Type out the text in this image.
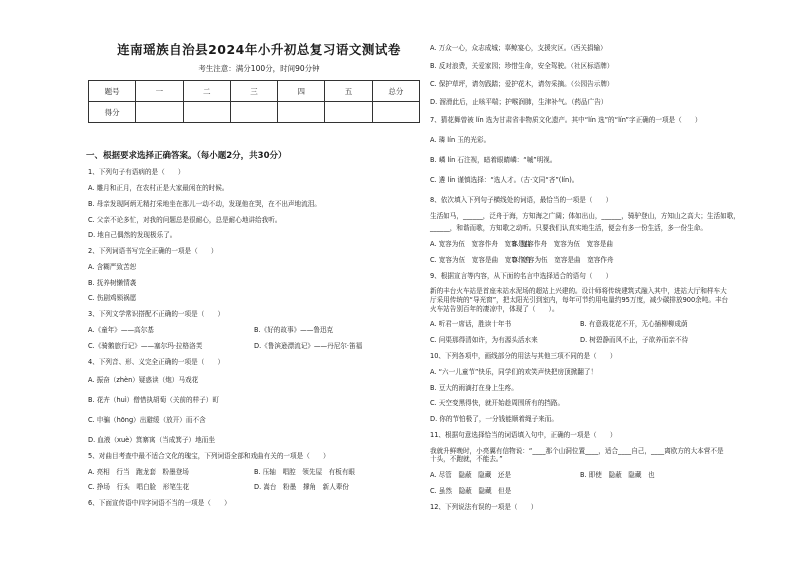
连南瑶族自治县2024年小升初总复习语文测试卷
考生注意：满分100分，时间90分钟
题号	一	二	三	四	五	总分
得分						
一、根据要求选择正确答案。（每小题2分，共30分）
1、下列句子有语病的是（　　）
A. 雕月和正月，在农村正是大家最闲在的时候。
B. 母亲发现阿炳无精打采地坐在那儿一动不动，发现他在哭，在不出声地流泪。
C. 父亲不论多忙，对我的问题总是很耐心，总是耐心地讲给我听。
D. 地自己偶然的发现极乐了。
2、下列词语书写完全正确的一项是（　　）
A. 含糊严致苦恕
B. 抚养树懒情袭
C. 伤剧鸡锁祸愿
3、下列文学常识搭配不正确的一项是（　　）
A.《童年》——高尔基	B.《好的故事》——鲁迅克
C.《骑鹅旅行记》——塞尔玛·拉格洛芙	D.《鲁滨逊漂流记》——丹尼尔·笛福
4、下列音、形、义完全正确的一项是（　　）
A. 振奋（zhèn）疑惑读（炮）马戏花
B. 花卉（huì）僧惜执胡萄（关前的样子）町
C. 申骗（hōng）出避缓（放开）而不含
D. 血液（xuè）箕寨寓（当成箕子）地而坐
5、对曲目考查中最不适合文化的瑰宝，下列词语全部和戏曲有关的一项是（　　）
A. 亮相　行当　跑龙套　粉墨登场	B. 压轴　唱腔　领先屋　有板有眼
C. 挣场　行头　唱白脸　形笔生花	D. 嵩台　粉墨　撑角　新人辈份
6、下面宣传语中四字词语不当的一项是（　　）
A. 万众一心，众志成城；辜鲸宴心，支援灾区。（西关捐输）
B. 反对浪费，关爱家园；珍惜生命，安全驾驶。（社区标语牌）
C. 保护草坪，请勿践踏；爱护花木，请勿采摘。（公园告示牌）
D. 溜滑此后，止咳平喘；护喉润肺，生津补气。（药品广告）
7、猜花舞曾被 lín 选为甘肃省非物质文化遗产。其中“lín 选”的“lín”字正确的一项是（　　）
A. 璘 lín 玉的光彩。
B. 嶙 lín 石注视，暗着眼睛嶙：“嘁”明视。
C. 遴 lín 谨慎选择：“选人才。（古·文同“吝”(lín)。
8、依次填入下列句子横线处的词语，最恰当的一项是（　　）
生活如马，______，泛舟于海，方知海之广阔；体如出山，______，骑驴登山，方知山之高大；生活如歌，
______，和谐而歌，方知歌之动听。只要我们认真实地生活，便会有多一份生活，多一份生命。
A. 宽容为伍　宽容作舟　宽容是曲
B. 宽容作舟　宽容为伍　宽容是曲
C. 宽容为伍　宽容是曲　宽容作舟
D. 宽容为伍　宽容是曲　宽容作舟
9、根据宣言等内容，从下面的名言中选择适合的语句（　　）
新的丰台火车站是首座未站水泥场的超站上兴建的。设计师将传统建筑式融入其中，进站大厅和样车大厅采用传统的“导光窗”，把太阳光引到室内，每年可节约用电量约95万度，减少碳排放900余吨。丰台火车站告别百年的凄凉中，体现了（　　）。
A. 听君一席话，胜读十年书	B. 有意栽花花不开，无心插柳柳成荫
C. 问渠那得清如许，为有源头活水来	D. 树碧静而风不止，子欲养而亲不待
10、下列各项中，画线部分的用法与其他三项不同的是（　　）
A. “六一儿童节”快乐，同学们的欢笑声快把房顶掀翻了！
B. 豆大的雨滴打在身上生疼。
C. 天空变黑得快，就开始趁周围所有的挡路。
D. 你的节怕极了，一分钱能顺着绳子来而。
11、根据句意选择恰当的词语填入句中，正确的一项是（　　）
我就升鲜晚时，小亮翼有信物说：“____那个山洞位置____，适合____自己，____离欧方的大本营不是十头，不跑就，不能去。”
A. 尽管　隐蔽　隐藏　还是	B. 即使　隐蔽　隐藏　也
C. 虽然　隐蔽　隐藏　但是
12、下列说法有误的一项是（　　）
